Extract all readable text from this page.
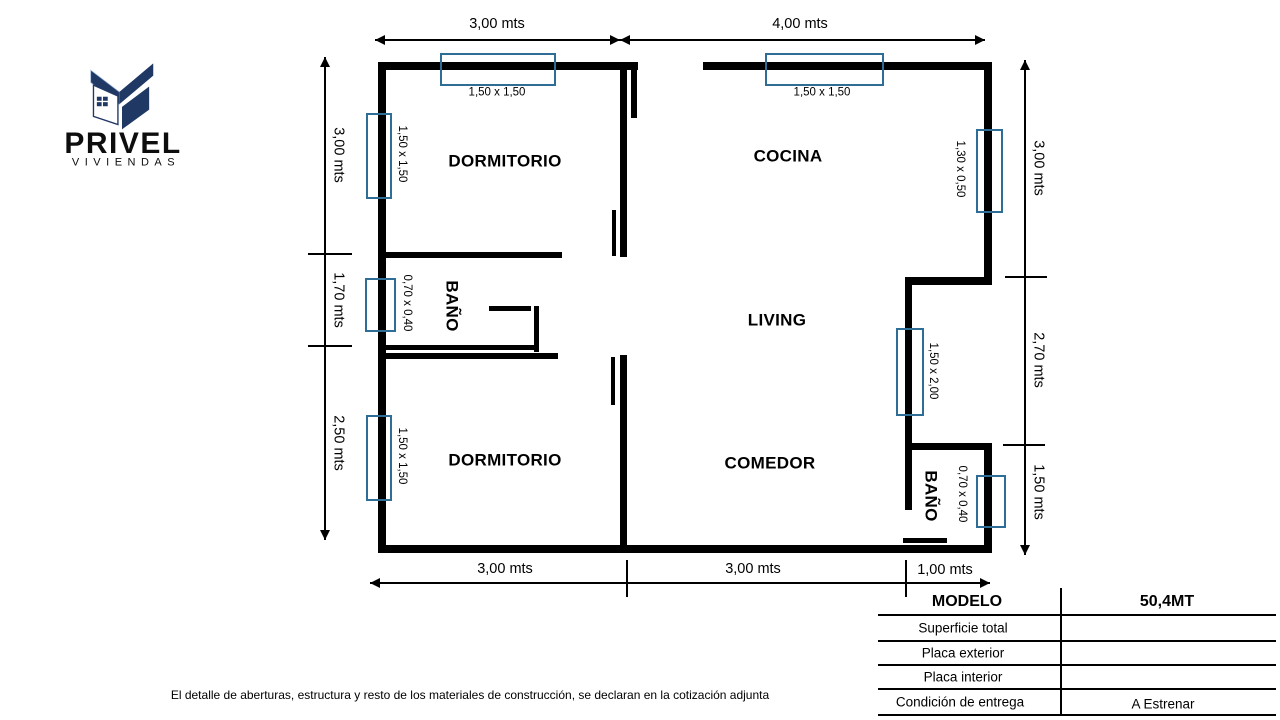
PRIVEL
VIVIENDAS
1,50 x 1,50	1,50 x 1,50
1,50 x 1,50
0,70 x 0,40
1,50 x 1,50
1,30 x 0,50
1,50 x 2,00
0,70 x 0,40
DORMITORIO	COCINA
BAÑO	LIVING
DORMITORIO	COMEDOR
BAÑO
3,00 mts	4,00 mts
3,00 mts	3,00 mts	1,00 mts
3,00 mts
1,70 mts
2,50 mts
3,00 mts
2,70 mts
1,50 mts
MODELO	50,4MT
Superficie total
Placa exterior
Placa interior
Condición de entrega	A Estrenar
El detalle de aberturas, estructura y resto de los materiales de construcción, se declaran en la cotización adjunta
